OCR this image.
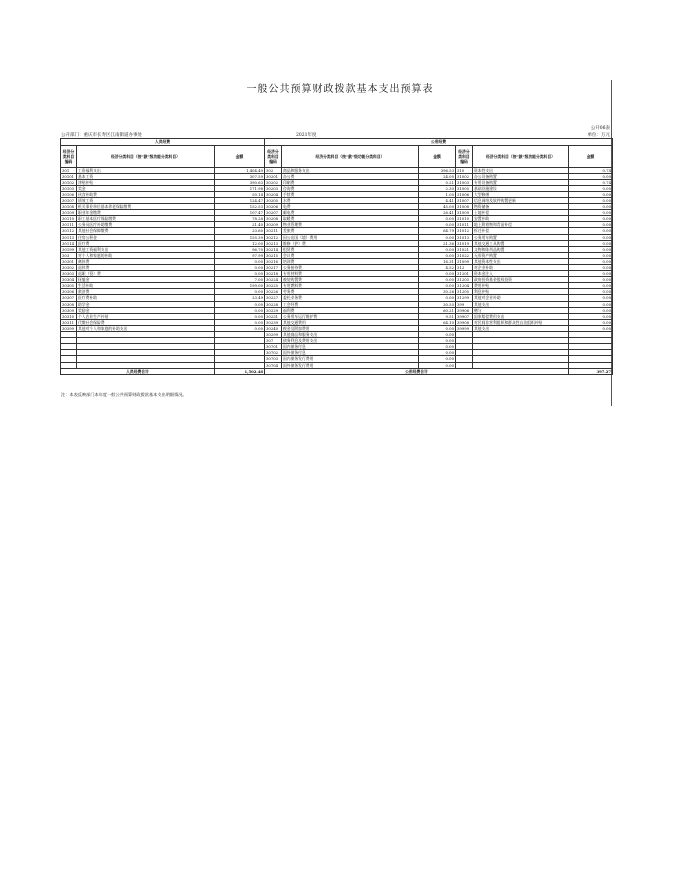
一般公共预算财政拨款基本支出预算表
公开06表
公开部门：重庆市长寿区江南街道办事处	2021年度	单位：万元
人员经费			公用经费					
经济分类科目编码	经济分类科目（按“款”级功能分类科目）	金额	经济分类科目编码	经济分类科目（按“款”级功能分类科目）	金额	经济分类科目编码	经济分类科目（按“款”级功能分类科目）	金额
301	工资福利支出	1,404.49	302	商品和服务支出	396.53	310	资本性支出	0.74
30101	基本工资	307.59	30201	办公费	24.00	31002	办公设备购置	0.00
30102	津贴补贴	390.63	30202	印刷费	0.21	31003	专用设备购置	0.74
30103	奖金	171.98	30203	咨询费	2.30	31005	基础设施建设	0.00
30106	伙食补助费	50.14	30204	手续费	1.00	31006	大型修缮	0.00
30107	绩效工资	124.47	30205	水费	4.41	31007	信息网络及软件购置更新	0.00
30108	机关事业单位基本养老保险缴费	152.53	30206	电费	45.00	31008	物资储备	0.00
30109	职业年金缴费	107.47	30207	邮电费	26.41	31009	土地补偿	0.00
30110	职工基本医疗保险缴费	78.28	30208	取暖费	0.00	31010	安置补助	0.00
30111	公务员医疗补助缴费	21.40	30209	物业管理费	0.00	31011	地上附着物和青苗补偿	0.00
30112	其他社会保障缴费	23.60	30211	差旅费	64.79	31012	拆迁补偿	0.00
30113	住房公积金	155.39	30212	因公出国（境）费用	0.00	31013	公务用车购置	0.00
30114	医疗费	12.00	30213	维修（护）费	21.36	31019	其他交通工具购置	0.00
30199	其他工资福利支出	96.70	30214	租赁费	0.00	31021	文物和陈列品购置	0.00
303	对个人和家庭的补助	97.99	30215	会议费	0.00	31022	无形资产购置	0.00
30301	离休费	0.00	30216	培训费	16.31	31099	其他资本性支出	0.00
30302	退休费	0.00	30217	公务接待费	4.52	312	对企业补助	0.00
30303	退职（役）费	0.00	30218	专用材料费	0.00	31201	资本金注入	0.00
30304	抚恤金	7.00	30224	被装购置费	0.00	31203	政府投资基金股权投资	0.00
30305	生活补助	199.00	30225	专用燃料费	0.00	31204	费用补贴	0.00
30306	救济费	0.00	30226	劳务费	30.26	31205	利息补贴	0.00
30307	医疗费补助	23.49	30227	委托业务费	0.00	31299	其他对企业补助	0.00
30308	助学金	0.00	30228	工会经费	30.55	399	其他支出	0.00
30309	奖励金	0.00	30229	福利费	60.21	39906	赠与	0.00
30310	个人农业生产补贴	0.00	30231	公务用车运行维护费	9.51	39907	国家赔偿费用支出	0.00
30311	代缴社会保险费	0.00	30239	其他交通费用	64.10	39908	对民间非营利组织和群众性自治组织补贴	0.00
30399	其他对个人和家庭的补助支出	0.00	30240	税金及附加费用	0.00	39999	其他支出	0.00
			30299	其他商品和服务支出	0.00			
			307	债务利息及费用支出	0.00			
			30701	国内债务付息	0.00			
			30702	国外债务付息	0.00			
			30703	国内债务发行费用	0.00			
			30704	国外债务发行费用	0.00			
人员经费合计		1,502.48	公用经费合计					397.27
注：本表反映部门本年度一般公共预算财政拨款基本支出明细情况。
